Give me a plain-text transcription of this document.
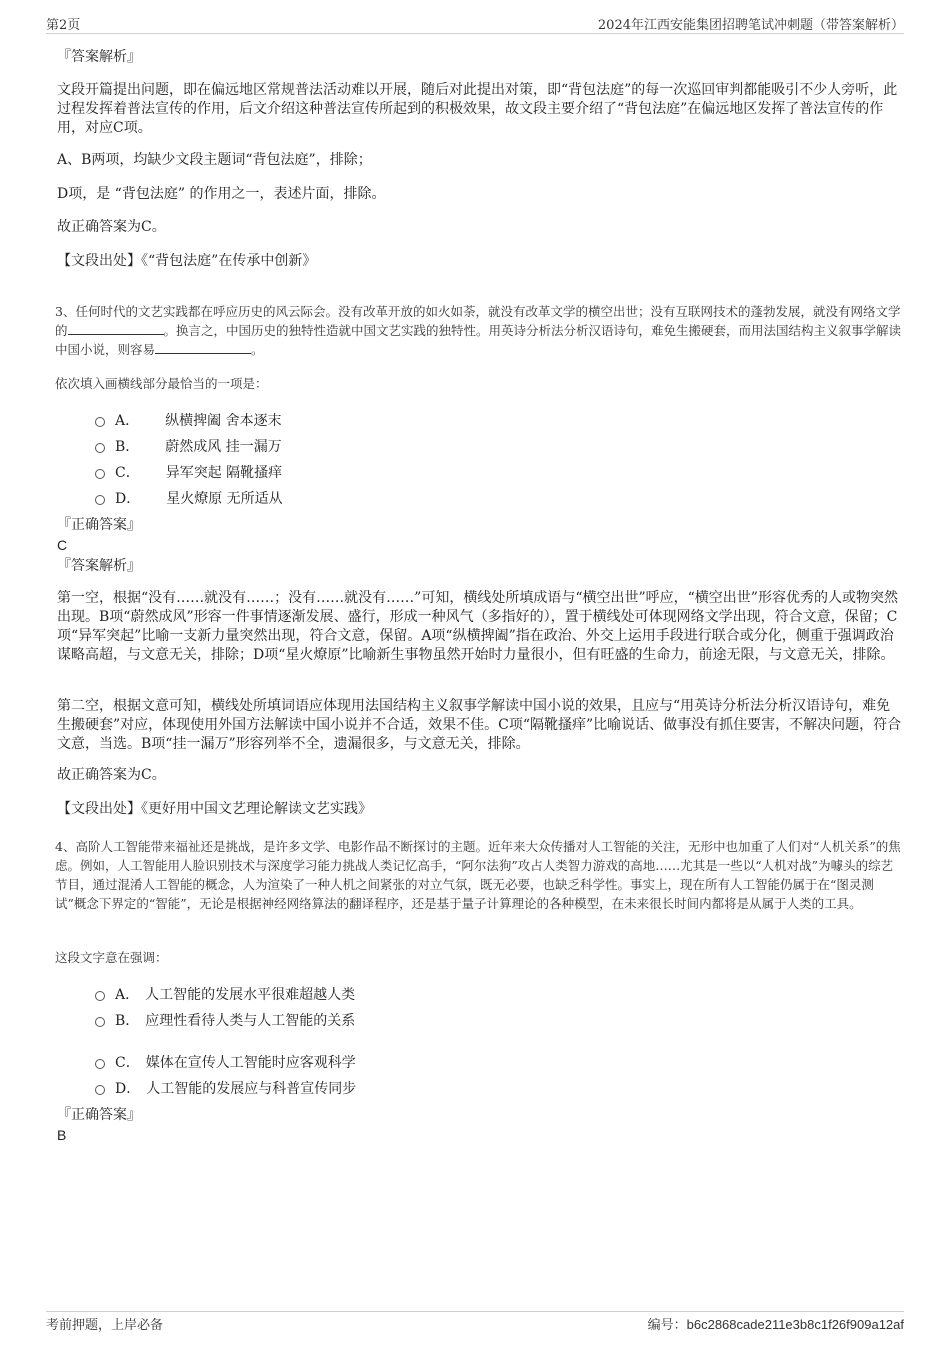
第2页	2024年江西安能集团招聘笔试冲刺题（带答案解析）
『答案解析』
文段开篇提出问题，即在偏远地区常规普法活动难以开展，随后对此提出对策，即“背包法庭”的每一次巡回审判都能吸引不少人旁听，此过程发挥着普法宣传的作用，后文介绍这种普法宣传所起到的积极效果，故文段主要介绍了“背包法庭”在偏远地区发挥了普法宣传的作用，对应C项。
A、B两项，均缺少文段主题词“背包法庭”，排除；
D项，是 “背包法庭” 的作用之一，表述片面，排除。
故正确答案为C。
【文段出处】《“背包法庭”在传承中创新》
3、任何时代的文艺实践都在呼应历史的风云际会。没有改革开放的如火如荼，就没有改革文学的横空出世；没有互联网技术的蓬勃发展，就没有网络文学的	。换言之，中国历史的独特性造就中国文艺实践的独特性。用英诗分析法分析汉语诗句，难免生搬硬套，而用法国结构主义叙事学解读中国小说，则容易	。
依次填入画横线部分最恰当的一项是：
A． 纵横捭阖 舍本逐末
B． 蔚然成风 挂一漏万
C． 异军突起 隔靴搔痒
D． 星火燎原 无所适从
『正确答案』
C
『答案解析』
第一空，根据“没有……就没有……；没有……就没有……”可知，横线处所填成语与“横空出世”呼应，“横空出世”形容优秀的人或物突然出现。B项“蔚然成风”形容一件事情逐渐发展、盛行，形成一种风气（多指好的），置于横线处可体现网络文学出现，符合文意，保留；C项“异军突起”比喻一支新力量突然出现，符合文意，保留。A项“纵横捭阖”指在政治、外交上运用手段进行联合或分化，侧重于强调政治谋略高超，与文意无关，排除；D项“星火燎原”比喻新生事物虽然开始时力量很小，但有旺盛的生命力，前途无限，与文意无关，排除。
第二空，根据文意可知，横线处所填词语应体现用法国结构主义叙事学解读中国小说的效果，且应与“用英诗分析法分析汉语诗句，难免生搬硬套”对应，体现使用外国方法解读中国小说并不合适，效果不佳。C项“隔靴搔痒”比喻说话、做事没有抓住要害，不解决问题，符合文意，当选。B项“挂一漏万”形容列举不全，遗漏很多，与文意无关，排除。
故正确答案为C。
【文段出处】《更好用中国文艺理论解读文艺实践》
4、高阶人工智能带来福祉还是挑战，是许多文学、电影作品不断探讨的主题。近年来大众传播对人工智能的关注，无形中也加重了人们对“人机关系”的焦虑。例如，人工智能用人脸识别技术与深度学习能力挑战人类记忆高手，“阿尔法狗”攻占人类智力游戏的高地……尤其是一些以“人机对战”为噱头的综艺节目，通过混淆人工智能的概念，人为渲染了一种人机之间紧张的对立气氛，既无必要，也缺乏科学性。事实上，现在所有人工智能仍属于在“图灵测试”概念下界定的“智能”，无论是根据神经网络算法的翻译程序，还是基于量子计算理论的各种模型，在未来很长时间内都将是从属于人类的工具。
这段文字意在强调：
A． 人工智能的发展水平很难超越人类
B． 应理性看待人类与人工智能的关系
C． 媒体在宣传人工智能时应客观科学
D． 人工智能的发展应与科普宣传同步
『正确答案』
B
考前押题，上岸必备	编号：b6c2868cade211e3b8c1f26f909a12af
